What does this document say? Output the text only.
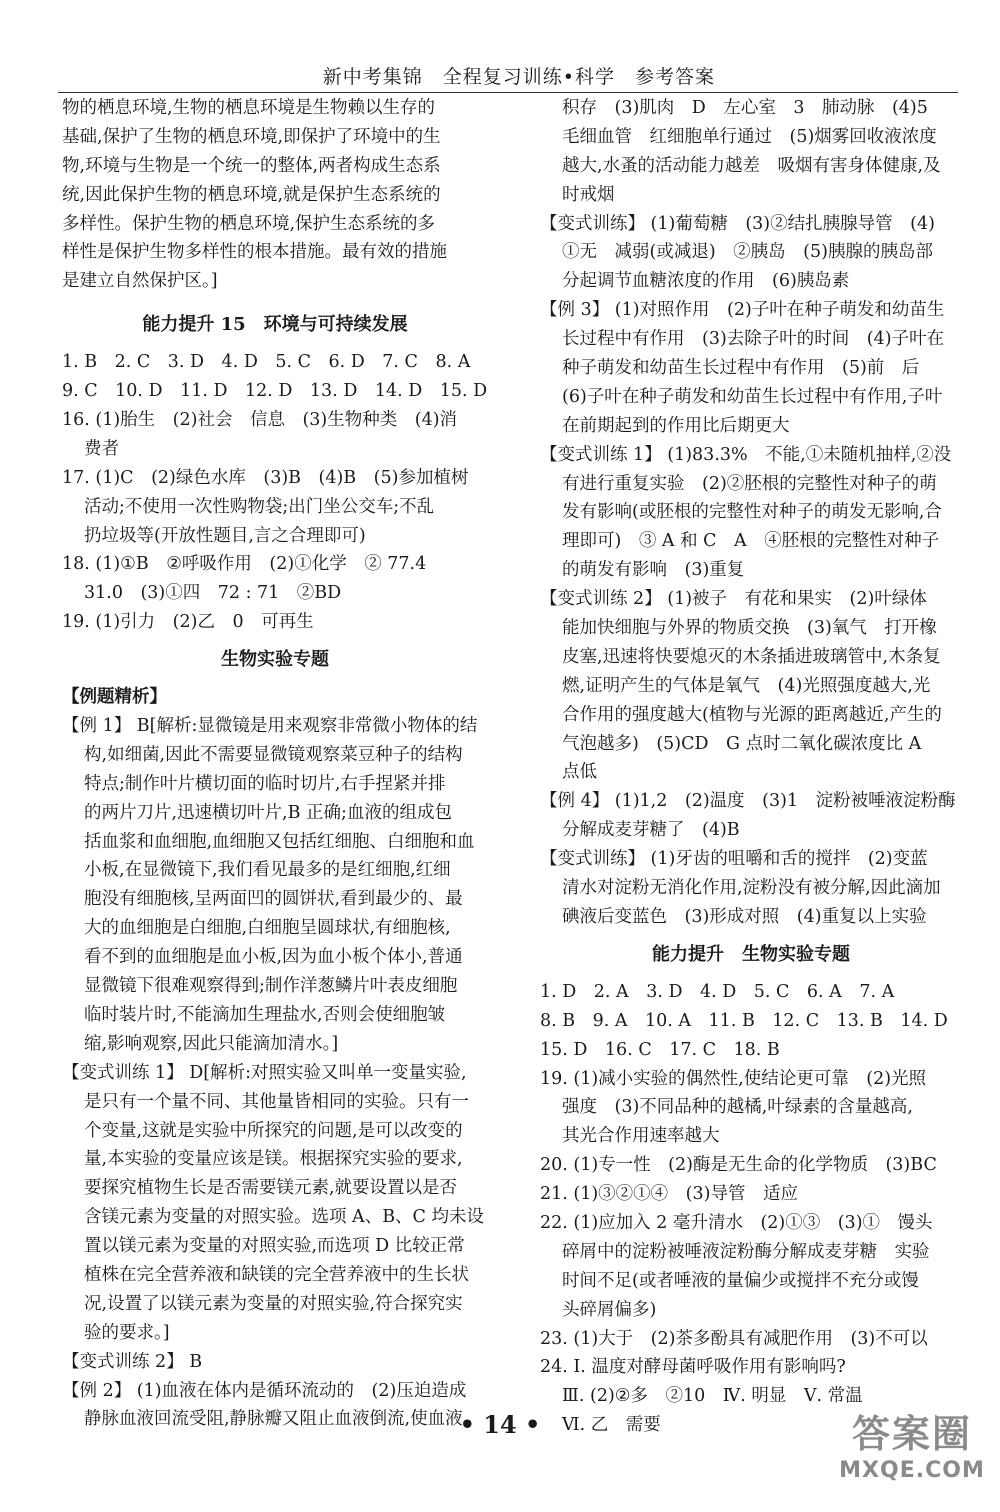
新中考集锦　全程复习训练•科学　参考答案
物的栖息环境,生物的栖息环境是生物赖以生存的
基础,保护了生物的栖息环境,即保护了环境中的生
物,环境与生物是一个统一的整体,两者构成生态系
统,因此保护生物的栖息环境,就是保护生态系统的
多样性。保护生物的栖息环境,保护生态系统的多
样性是保护生物多样性的根本措施。最有效的措施
是建立自然保护区。]
能力提升 15　环境与可持续发展
1. B　2. C　3. D　4. D　5. C　6. D　7. C　8. A
9. C　10. D　11. D　12. D　13. D　14. D　15. D
16. (1)胎生　(2)社会　信息　(3)生物种类　(4)消
费者
17. (1)C　(2)绿色水库　(3)B　(4)B　(5)参加植树
活动;不使用一次性购物袋;出门坐公交车;不乱
扔垃圾等(开放性题目,言之合理即可)
18. (1)①B　②呼吸作用　(2)①化学　② 77.4
31.0　(3)①四　72 : 71　②BD
19. (1)引力　(2)乙　0　可再生
生物实验专题
【例题精析】
【例 1】 B[解析:显微镜是用来观察非常微小物体的结
构,如细菌,因此不需要显微镜观察菜豆种子的结构
特点;制作叶片横切面的临时切片,右手捏紧并排
的两片刀片,迅速横切叶片,B 正确;血液的组成包
括血浆和血细胞,血细胞又包括红细胞、白细胞和血
小板,在显微镜下,我们看见最多的是红细胞,红细
胞没有细胞核,呈两面凹的圆饼状,看到最少的、最
大的血细胞是白细胞,白细胞呈圆球状,有细胞核,
看不到的血细胞是血小板,因为血小板个体小,普通
显微镜下很难观察得到;制作洋葱鳞片叶表皮细胞
临时装片时,不能滴加生理盐水,否则会使细胞皱
缩,影响观察,因此只能滴加清水。]
【变式训练 1】 D[解析:对照实验又叫单一变量实验,
是只有一个量不同、其他量皆相同的实验。只有一
个变量,这就是实验中所探究的问题,是可以改变的
量,本实验的变量应该是镁。根据探究实验的要求,
要探究植物生长是否需要镁元素,就要设置以是否
含镁元素为变量的对照实验。选项 A、B、C 均未设
置以镁元素为变量的对照实验,而选项 D 比较正常
植株在完全营养液和缺镁的完全营养液中的生长状
况,设置了以镁元素为变量的对照实验,符合探究实
验的要求。]
【变式训练 2】 B
【例 2】 (1)血液在体内是循环流动的　(2)压迫造成
静脉血液回流受阻,静脉瓣又阻止血液倒流,使血液
积存　(3)肌肉　D　左心室　3　肺动脉　(4)5
毛细血管　红细胞单行通过　(5)烟雾回收液浓度
越大,水蚤的活动能力越差　吸烟有害身体健康,及
时戒烟
【变式训练】 (1)葡萄糖　(3)②结扎胰腺导管　(4)
①无　减弱(或减退)　②胰岛　(5)胰腺的胰岛部
分起调节血糖浓度的作用　(6)胰岛素
【例 3】 (1)对照作用　(2)子叶在种子萌发和幼苗生
长过程中有作用　(3)去除子叶的时间　(4)子叶在
种子萌发和幼苗生长过程中有作用　(5)前　后
(6)子叶在种子萌发和幼苗生长过程中有作用,子叶
在前期起到的作用比后期更大
【变式训练 1】 (1)83.3%　不能,①未随机抽样,②没
有进行重复实验　(2)②胚根的完整性对种子的萌
发有影响(或胚根的完整性对种子的萌发无影响,合
理即可)　③ A 和 C　A　④胚根的完整性对种子
的萌发有影响　(3)重复
【变式训练 2】 (1)被子　有花和果实　(2)叶绿体
能加快细胞与外界的物质交换　(3)氧气　打开橡
皮塞,迅速将快要熄灭的木条插进玻璃管中,木条复
燃,证明产生的气体是氧气　(4)光照强度越大,光
合作用的强度越大(植物与光源的距离越近,产生的
气泡越多)　(5)CD　G 点时二氧化碳浓度比 A
点低
【例 4】 (1)1,2　(2)温度　(3)1　淀粉被唾液淀粉酶
分解成麦芽糖了　(4)B
【变式训练】 (1)牙齿的咀嚼和舌的搅拌　(2)变蓝
清水对淀粉无消化作用,淀粉没有被分解,因此滴加
碘液后变蓝色　(3)形成对照　(4)重复以上实验
能力提升　生物实验专题
1. D　2. A　3. D　4. D　5. C　6. A　7. A
8. B　9. A　10. A　11. B　12. C　13. B　14. D
15. D　16. C　17. C　18. B
19. (1)减小实验的偶然性,使结论更可靠　(2)光照
强度　(3)不同品种的越橘,叶绿素的含量越高,
其光合作用速率越大
20. (1)专一性　(2)酶是无生命的化学物质　(3)BC
21. (1)③②①④　(3)导管　适应
22. (1)应加入 2 毫升清水　(2)①③　(3)①　馒头
碎屑中的淀粉被唾液淀粉酶分解成麦芽糖　实验
时间不足(或者唾液的量偏少或搅拌不充分或馒
头碎屑偏多)
23. (1)大于　(2)茶多酚具有减肥作用　(3)不可以
24. Ⅰ. 温度对酵母菌呼吸作用有影响吗?
Ⅲ. (2)②多　②10　Ⅳ. 明显　Ⅴ. 常温
Ⅵ. 乙　需要
• 14 •	答案圈
MXQE.COM
